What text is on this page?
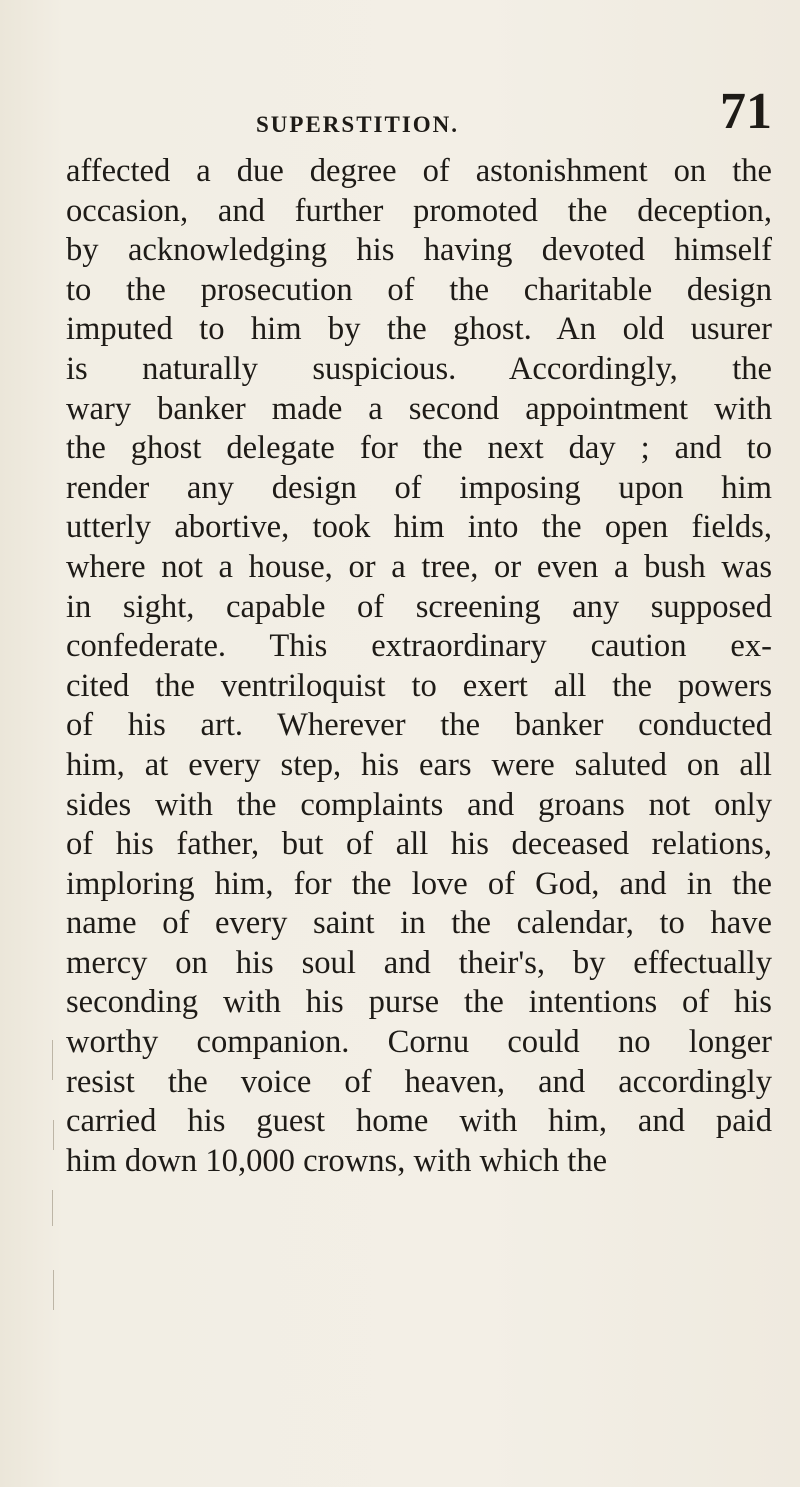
SUPERSTITION.	71
affected a due degree of astonishment on the
occasion, and further promoted the deception,
by acknowledging his having devoted himself
to the prosecution of the charitable design
imputed to him by the ghost. An old usurer
is naturally suspicious. Accordingly, the
wary banker made a second appointment with
the ghost delegate for the next day ; and to
render any design of imposing upon him
utterly abortive, took him into the open fields,
where not a house, or a tree, or even a bush was
in sight, capable of screening any supposed
confederate. This extraordinary caution ex-
cited the ventriloquist to exert all the powers
of his art. Wherever the banker conducted
him, at every step, his ears were saluted on all
sides with the complaints and groans not only
of his father, but of all his deceased relations,
imploring him, for the love of God, and in the
name of every saint in the calendar, to have
mercy on his soul and their's, by effectually
seconding with his purse the intentions of his
worthy companion. Cornu could no longer
resist the voice of heaven, and accordingly
carried his guest home with him, and paid
him down 10,000 crowns, with which the
